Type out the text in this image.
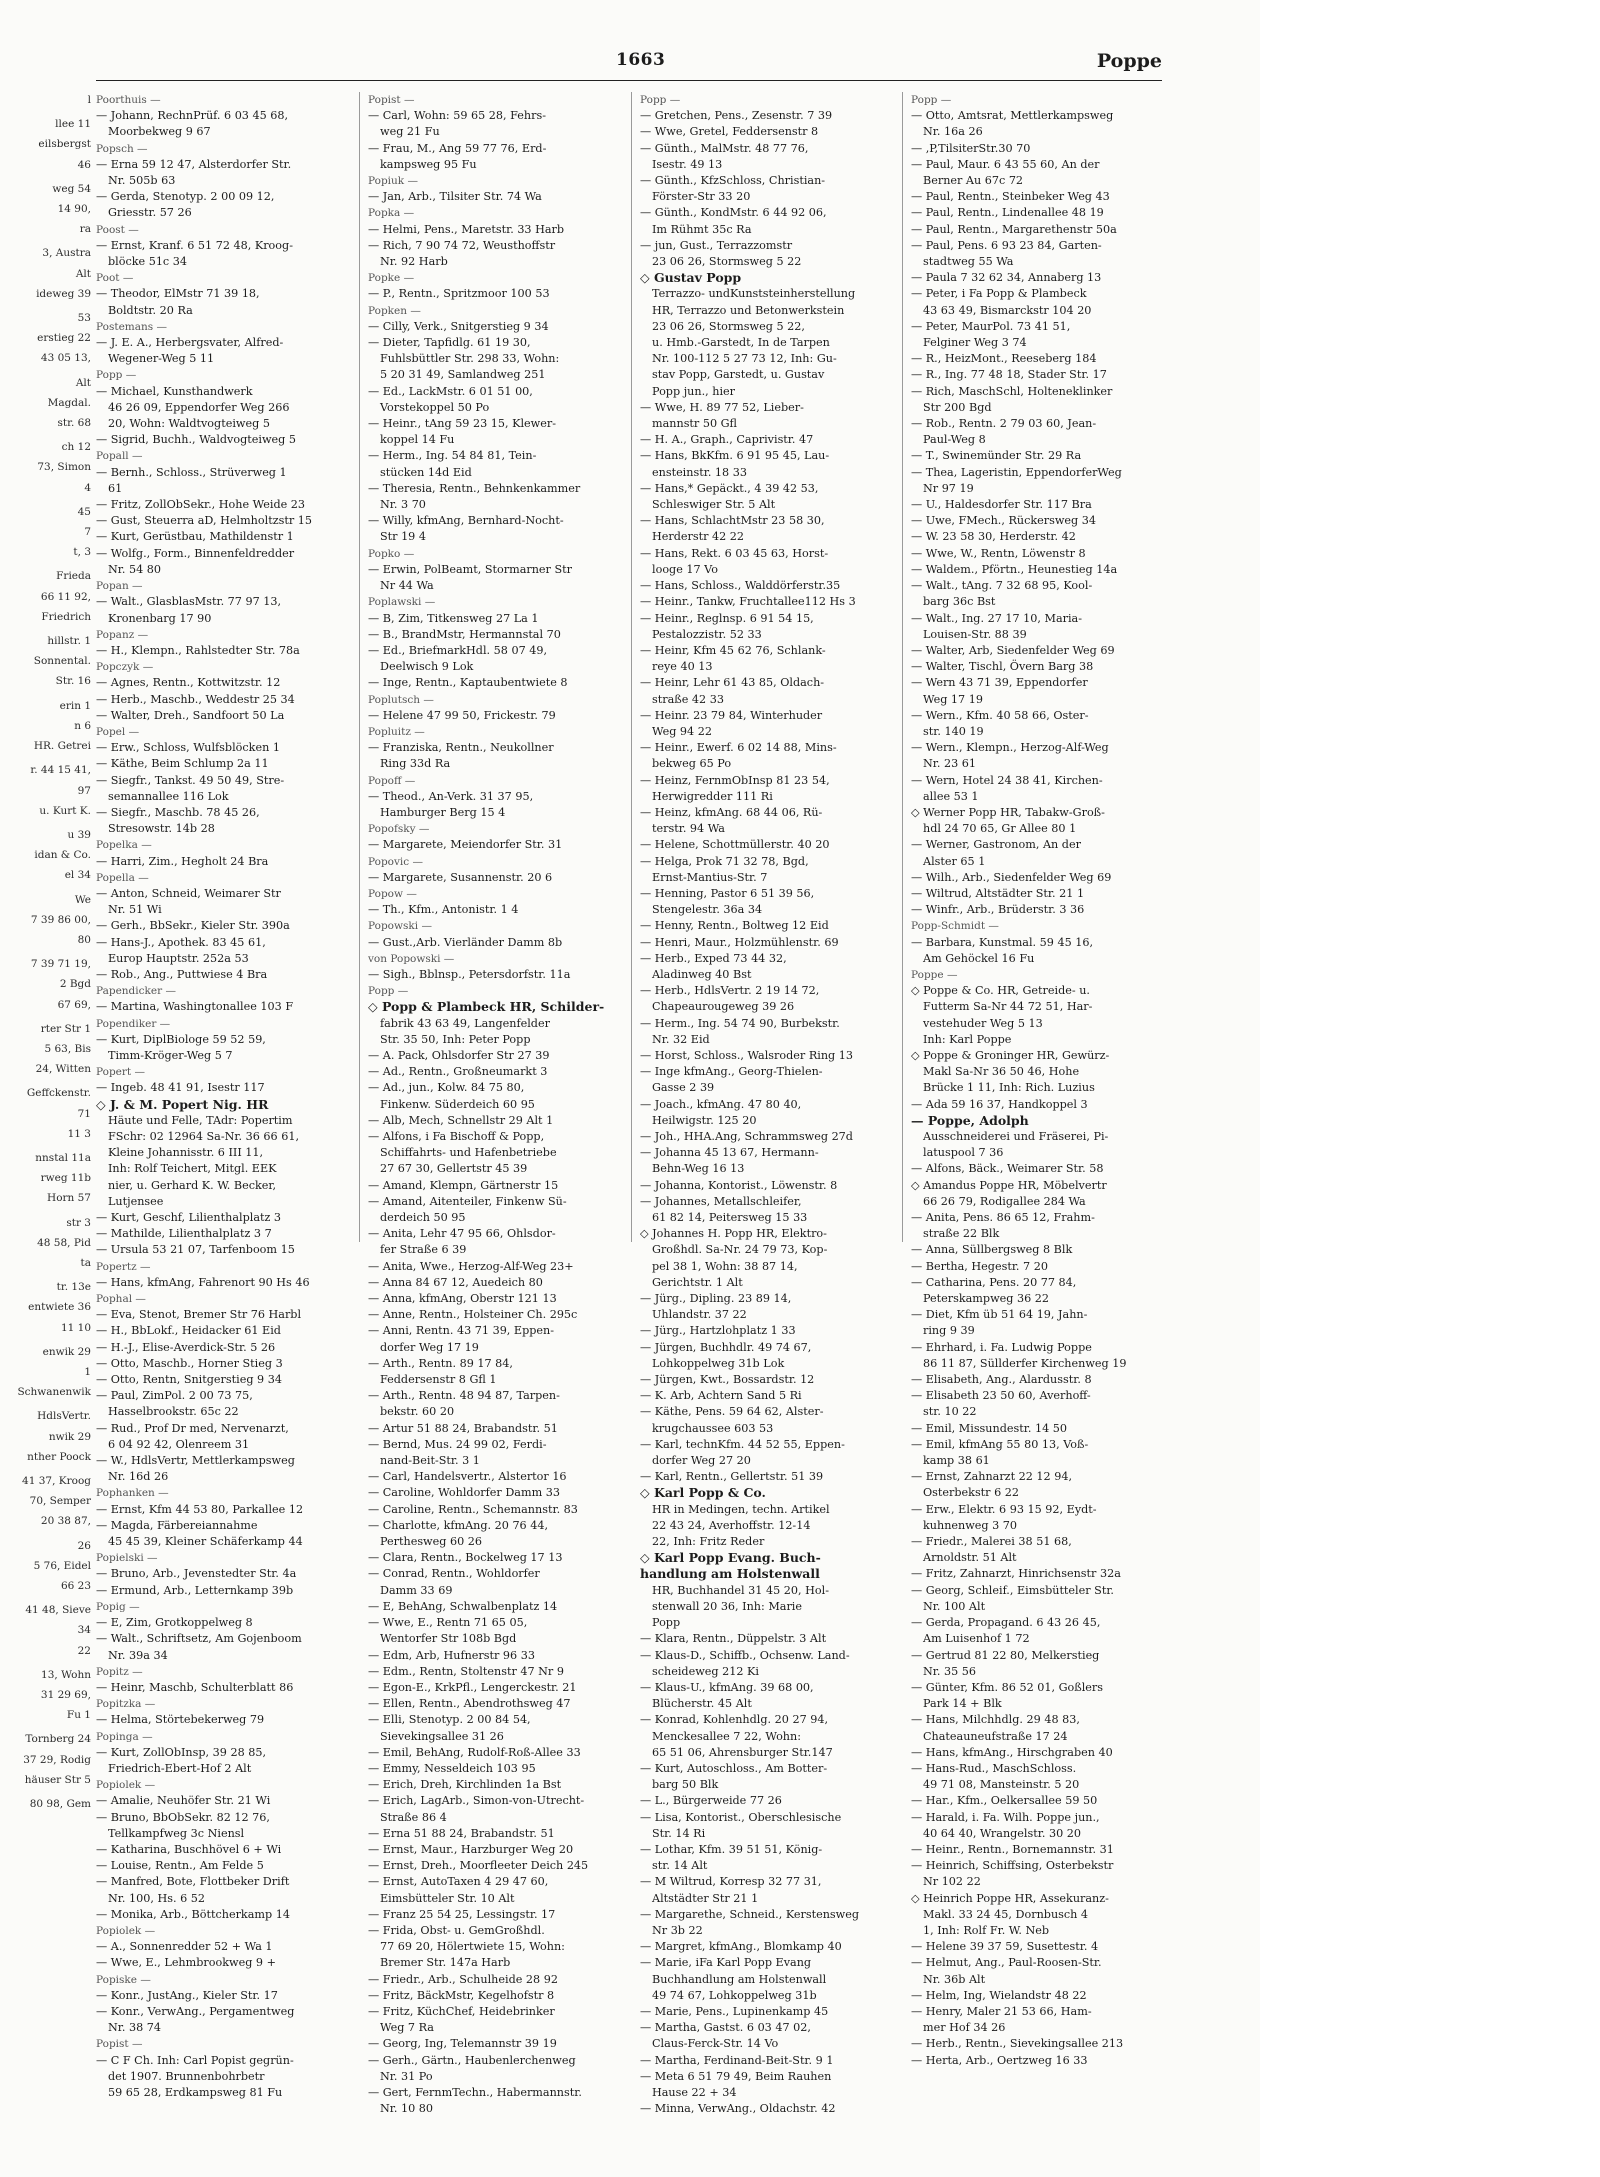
l
llee 11
eilsbergst
46
weg 54
14 90,
ra
3, Austra
Alt
ideweg 39
53
erstieg 22
43 05 13,
Alt
Magdal.
str. 68
ch 12
73, Simon
4
45
7
t, 3
Frieda
66 11 92,
Friedrich
hillstr. 1
Sonnental.
Str. 16
erin 1
n 6
HR. Getrei
r. 44 15 41,
97
u. Kurt K.
u 39
idan & Co.
el 34
We
7 39 86 00,
80
7 39 71 19,
2 Bgd
67 69,
rter Str 1
5 63, Bis
24, Witten
Geffckenstr.
71
11 3
nnstal 11a
rweg 11b
Horn 57
str 3
48 58, Pid
ta
tr. 13e
entwiete 36
11 10
enwik 29
1
Schwanenwik
HdlsVertr.
nwik 29
nther Poock
41 37, Kroog
70, Semper
20 38 87,
26
5 76, Eidel
66 23
41 48, Sieve
34
22
13, Wohn
31 29 69,
Fu 1
Tornberg 24
37 29, Rodig
häuser Str 5
80 98, Gem
1663	Poppe
Poorthuis —
— Johann, RechnPrüf. 6 03 45 68,
Moorbekweg 9 67
Popsch —
— Erna 59 12 47, Alsterdorfer Str.
Nr. 505b 63
— Gerda, Stenotyp. 2 00 09 12,
Griesstr. 57 26
Poost —
— Ernst, Kranf. 6 51 72 48, Kroog-
blöcke 51c 34
Poot —
— Theodor, ElMstr 71 39 18,
Boldtstr. 20 Ra
Postemans —
— J. E. A., Herbergsvater, Alfred-
Wegener-Weg 5 11
Popp —
— Michael, Kunsthandwerk
46 26 09, Eppendorfer Weg 266
20, Wohn: Waldtvogteiweg 5
— Sigrid, Buchh., Waldvogteiweg 5
Popall —
— Bernh., Schloss., Strüverweg 1
61
— Fritz, ZollObSekr., Hohe Weide 23
— Gust, Steuerra aD, Helmholtzstr 15
— Kurt, Gerüstbau, Mathildenstr 1
— Wolfg., Form., Binnenfeldredder
Nr. 54 80
Popan —
— Walt., GlasblasMstr. 77 97 13,
Kronenbarg 17 90
Popanz —
— H., Klempn., Rahlstedter Str. 78a
Popczyk —
— Agnes, Rentn., Kottwitzstr. 12
— Herb., Maschb., Weddestr 25 34
— Walter, Dreh., Sandfoort 50 La
Popel —
— Erw., Schloss, Wulfsblöcken 1
— Käthe, Beim Schlump 2a 11
— Siegfr., Tankst. 49 50 49, Stre-
semannallee 116 Lok
— Siegfr., Maschb. 78 45 26,
Stresowstr. 14b 28
Popelka —
— Harri, Zim., Hegholt 24 Bra
Popella —
— Anton, Schneid, Weimarer Str
Nr. 51 Wi
— Gerh., BbSekr., Kieler Str. 390a
— Hans-J., Apothek. 83 45 61,
Europ Hauptstr. 252a 53
— Rob., Ang., Puttwiese 4 Bra
Papendicker —
— Martina, Washingtonallee 103 F
Popendiker —
— Kurt, DiplBiologe 59 52 59,
Timm-Kröger-Weg 5 7
Popert —
— Ingeb. 48 41 91, Isestr 117
◇ J. & M. Popert Nig. HR
Häute und Felle, TAdr: Popertim
FSchr: 02 12964 Sa-Nr. 36 66 61,
Kleine Johannisstr. 6 III 11,
Inh: Rolf Teichert, Mitgl. EEK
nier, u. Gerhard K. W. Becker,
Lutjensee
— Kurt, Geschf, Lilienthalplatz 3
— Mathilde, Lilienthalplatz 3 7
— Ursula 53 21 07, Tarfenboom 15
Popertz —
— Hans, kfmAng, Fahrenort 90 Hs 46
Pophal —
— Eva, Stenot, Bremer Str 76 Harbl
— H., BbLokf., Heidacker 61 Eid
— H.-J., Elise-Averdick-Str. 5 26
— Otto, Maschb., Horner Stieg 3
— Otto, Rentn, Snitgerstieg 9 34
— Paul, ZimPol. 2 00 73 75,
Hasselbrookstr. 65c 22
— Rud., Prof Dr med, Nervenarzt,
6 04 92 42, Olenreem 31
— W., HdlsVertr, Mettlerkampsweg
Nr. 16d 26
Pophanken —
— Ernst, Kfm 44 53 80, Parkallee 12
— Magda, Färbereiannahme
45 45 39, Kleiner Schäferkamp 44
Popielski —
— Bruno, Arb., Jevenstedter Str. 4a
— Ermund, Arb., Letternkamp 39b
Popig —
— E, Zim, Grotkoppelweg 8
— Walt., Schriftsetz, Am Gojenboom
Nr. 39a 34
Popitz —
— Heinr, Maschb, Schulterblatt 86
Popitzka —
— Helma, Störtebekerweg 79
Popinga —
— Kurt, ZollObInsp, 39 28 85,
Friedrich-Ebert-Hof 2 Alt
Popiolek —
— Amalie, Neuhöfer Str. 21 Wi
— Bruno, BbObSekr. 82 12 76,
Tellkampfweg 3c Niensl
— Katharina, Buschhövel 6 + Wi
— Louise, Rentn., Am Felde 5
— Manfred, Bote, Flottbeker Drift
Nr. 100, Hs. 6 52
— Monika, Arb., Böttcherkamp 14
Popiolek —
— A., Sonnenredder 52 + Wa 1
— Wwe, E., Lehmbrookweg 9 +
Popiske —
— Konr., JustAng., Kieler Str. 17
— Konr., VerwAng., Pergamentweg
Nr. 38 74
Popist —
— C F Ch. Inh: Carl Popist gegrün-
det 1907. Brunnenbohrbetr
59 65 28, Erdkampsweg 81 Fu
Popist —
— Carl, Wohn: 59 65 28, Fehrs-
weg 21 Fu
— Frau, M., Ang 59 77 76, Erd-
kampsweg 95 Fu
Popiuk —
— Jan, Arb., Tilsiter Str. 74 Wa
Popka —
— Helmi, Pens., Maretstr. 33 Harb
— Rich, 7 90 74 72, Weusthoffstr
Nr. 92 Harb
Popke —
— P., Rentn., Spritzmoor 100 53
Popken —
— Cilly, Verk., Snitgerstieg 9 34
— Dieter, Tapfidlg. 61 19 30,
Fuhlsbüttler Str. 298 33, Wohn:
5 20 31 49, Samlandweg 251
— Ed., LackMstr. 6 01 51 00,
Vorstekoppel 50 Po
— Heinr., tAng 59 23 15, Klewer-
koppel 14 Fu
— Herm., Ing. 54 84 81, Tein-
stücken 14d Eid
— Theresia, Rentn., Behnkenkammer
Nr. 3 70
— Willy, kfmAng, Bernhard-Nocht-
Str 19 4
Popko —
— Erwin, PolBeamt, Stormarner Str
Nr 44 Wa
Poplawski —
— B, Zim, Titkensweg 27 La 1
— B., BrandMstr, Hermannstal 70
— Ed., BriefmarkHdl. 58 07 49,
Deelwisch 9 Lok
— Inge, Rentn., Kaptaubentwiete 8
Poplutsch —
— Helene 47 99 50, Frickestr. 79
Popluitz —
— Franziska, Rentn., Neukollner
Ring 33d Ra
Popoff —
— Theod., An-Verk. 31 37 95,
Hamburger Berg 15 4
Popofsky —
— Margarete, Meiendorfer Str. 31
Popovic —
— Margarete, Susannenstr. 20 6
Popow —
— Th., Kfm., Antonistr. 1 4
Popowski —
— Gust.,Arb. Vierländer Damm 8b
von Popowski —
— Sigh., Bblnsp., Petersdorfstr. 11a
Popp —
◇ Popp & Plambeck HR, Schilder-
fabrik 43 63 49, Langenfelder
Str. 35 50, Inh: Peter Popp
— A. Pack, Ohlsdorfer Str 27 39
— Ad., Rentn., Großneumarkt 3
— Ad., jun., Kolw. 84 75 80,
Finkenw. Süderdeich 60 95
— Alb, Mech, Schnellstr 29 Alt 1
— Alfons, i Fa Bischoff & Popp,
Schiffahrts- und Hafenbetriebe
27 67 30, Gellertstr 45 39
— Amand, Klempn, Gärtnerstr 15
— Amand, Aitenteiler, Finkenw Sü-
derdeich 50 95
— Anita, Lehr 47 95 66, Ohlsdor-
fer Straße 6 39
— Anita, Wwe., Herzog-Alf-Weg 23+
— Anna 84 67 12, Auedeich 80
— Anna, kfmAng, Oberstr 121 13
— Anne, Rentn., Holsteiner Ch. 295c
— Anni, Rentn. 43 71 39, Eppen-
dorfer Weg 17 19
— Arth., Rentn. 89 17 84,
Feddersenstr 8 Gfl 1
— Arth., Rentn. 48 94 87, Tarpen-
bekstr. 60 20
— Artur 51 88 24, Brabandstr. 51
— Bernd, Mus. 24 99 02, Ferdi-
nand-Beit-Str. 3 1
— Carl, Handelsvertr., Alstertor 16
— Caroline, Wohldorfer Damm 33
— Caroline, Rentn., Schemannstr. 83
— Charlotte, kfmAng. 20 76 44,
Perthesweg 60 26
— Clara, Rentn., Bockelweg 17 13
— Conrad, Rentn., Wohldorfer
Damm 33 69
— E, BehAng, Schwalbenplatz 14
— Wwe, E., Rentn 71 65 05,
Wentorfer Str 108b Bgd
— Edm, Arb, Hufnerstr 96 33
— Edm., Rentn, Stoltenstr 47 Nr 9
— Egon-E., KrkPfl., Lengerckestr. 21
— Ellen, Rentn., Abendrothsweg 47
— Elli, Stenotyp. 2 00 84 54,
Sievekingsallee 31 26
— Emil, BehAng, Rudolf-Roß-Allee 33
— Emmy, Nesseldeich 103 95
— Erich, Dreh, Kirchlinden 1a Bst
— Erich, LagArb., Simon-von-Utrecht-
Straße 86 4
— Erna 51 88 24, Brabandstr. 51
— Ernst, Maur., Harzburger Weg 20
— Ernst, Dreh., Moorfleeter Deich 245
— Ernst, AutoTaxen 4 29 47 60,
Eimsbütteler Str. 10 Alt
— Franz 25 54 25, Lessingstr. 17
— Frida, Obst- u. GemGroßhdl.
77 69 20, Hölertwiete 15, Wohn:
Bremer Str. 147a Harb
— Friedr., Arb., Schulheide 28 92
— Fritz, BäckMstr, Kegelhofstr 8
— Fritz, KüchChef, Heidebrinker
Weg 7 Ra
— Georg, Ing, Telemannstr 39 19
— Gerh., Gärtn., Haubenlerchenweg
Nr. 31 Po
— Gert, FernmTechn., Habermannstr.
Nr. 10 80
Popp —
— Gretchen, Pens., Zesenstr. 7 39
— Wwe, Gretel, Feddersenstr 8
— Günth., MalMstr. 48 77 76,
Isestr. 49 13
— Günth., KfzSchloss, Christian-
Förster-Str 33 20
— Günth., KondMstr. 6 44 92 06,
Im Rühmt 35c Ra
— jun, Gust., Terrazzomstr
23 06 26, Stormsweg 5 22
◇ Gustav Popp
Terrazzo- undKunststeinherstellung
HR, Terrazzo und Betonwerkstein
23 06 26, Stormsweg 5 22,
u. Hmb.-Garstedt, In de Tarpen
Nr. 100-112 5 27 73 12, Inh: Gu-
stav Popp, Garstedt, u. Gustav
Popp jun., hier
— Wwe, H. 89 77 52, Lieber-
mannstr 50 Gfl
— H. A., Graph., Caprivistr. 47
— Hans, BkKfm. 6 91 95 45, Lau-
ensteinstr. 18 33
— Hans,* Gepäckt., 4 39 42 53,
Schleswiger Str. 5 Alt
— Hans, SchlachtMstr 23 58 30,
Herderstr 42 22
— Hans, Rekt. 6 03 45 63, Horst-
looge 17 Vo
— Hans, Schloss., Walddörferstr.35
— Heinr., Tankw, Fruchtallee112 Hs 3
— Heinr., Reglnsp. 6 91 54 15,
Pestalozzistr. 52 33
— Heinr, Kfm 45 62 76, Schlank-
reye 40 13
— Heinr, Lehr 61 43 85, Oldach-
straße 42 33
— Heinr. 23 79 84, Winterhuder
Weg 94 22
— Heinr., Ewerf. 6 02 14 88, Mins-
bekweg 65 Po
— Heinz, FernmObInsp 81 23 54,
Herwigredder 111 Ri
— Heinz, kfmAng. 68 44 06, Rü-
terstr. 94 Wa
— Helene, Schottmüllerstr. 40 20
— Helga, Prok 71 32 78, Bgd,
Ernst-Mantius-Str. 7
— Henning, Pastor 6 51 39 56,
Stengelestr. 36a 34
— Henny, Rentn., Boltweg 12 Eid
— Henri, Maur., Holzmühlenstr. 69
— Herb., Exped 73 44 32,
Aladinweg 40 Bst
— Herb., HdlsVertr. 2 19 14 72,
Chapeaurougeweg 39 26
— Herm., Ing. 54 74 90, Burbekstr.
Nr. 32 Eid
— Horst, Schloss., Walsroder Ring 13
— Inge kfmAng., Georg-Thielen-
Gasse 2 39
— Joach., kfmAng. 47 80 40,
Heilwigstr. 125 20
— Joh., HHA.Ang, Schrammsweg 27d
— Johanna 45 13 67, Hermann-
Behn-Weg 16 13
— Johanna, Kontorist., Löwenstr. 8
— Johannes, Metallschleifer,
61 82 14, Peitersweg 15 33
◇ Johannes H. Popp HR, Elektro-
Großhdl. Sa-Nr. 24 79 73, Kop-
pel 38 1, Wohn: 38 87 14,
Gerichtstr. 1 Alt
— Jürg., Dipling. 23 89 14,
Uhlandstr. 37 22
— Jürg., Hartzlohplatz 1 33
— Jürgen, Buchhdlr. 49 74 67,
Lohkoppelweg 31b Lok
— Jürgen, Kwt., Bossardstr. 12
— K. Arb, Achtern Sand 5 Ri
— Käthe, Pens. 59 64 62, Alster-
krugchaussee 603 53
— Karl, technKfm. 44 52 55, Eppen-
dorfer Weg 27 20
— Karl, Rentn., Gellertstr. 51 39
◇ Karl Popp & Co.
HR in Medingen, techn. Artikel
22 43 24, Averhoffstr. 12-14
22, Inh: Fritz Reder
◇ Karl Popp Evang. Buch-
handlung am Holstenwall
HR, Buchhandel 31 45 20, Hol-
stenwall 20 36, Inh: Marie
Popp
— Klara, Rentn., Düppelstr. 3 Alt
— Klaus-D., Schiffb., Ochsenw. Land-
scheideweg 212 Ki
— Klaus-U., kfmAng. 39 68 00,
Blücherstr. 45 Alt
— Konrad, Kohlenhdlg. 20 27 94,
Menckesallee 7 22, Wohn:
65 51 06, Ahrensburger Str.147
— Kurt, Autoschloss., Am Botter-
barg 50 Blk
— L., Bürgerweide 77 26
— Lisa, Kontorist., Oberschlesische
Str. 14 Ri
— Lothar, Kfm. 39 51 51, König-
str. 14 Alt
— M Wiltrud, Korresp 32 77 31,
Altstädter Str 21 1
— Margarethe, Schneid., Kerstensweg
Nr 3b 22
— Margret, kfmAng., Blomkamp 40
— Marie, iFa Karl Popp Evang
Buchhandlung am Holstenwall
49 74 67, Lohkoppelweg 31b
— Marie, Pens., Lupinenkamp 45
— Martha, Gastst. 6 03 47 02,
Claus-Ferck-Str. 14 Vo
— Martha, Ferdinand-Beit-Str. 9 1
— Meta 6 51 79 49, Beim Rauhen
Hause 22 + 34
— Minna, VerwAng., Oldachstr. 42
Popp —
— Otto, Amtsrat, Mettlerkampsweg
Nr. 16a 26
— ,P,TilsiterStr.30 70
— Paul, Maur. 6 43 55 60, An der
Berner Au 67c 72
— Paul, Rentn., Steinbeker Weg 43
— Paul, Rentn., Lindenallee 48 19
— Paul, Rentn., Margarethenstr 50a
— Paul, Pens. 6 93 23 84, Garten-
stadtweg 55 Wa
— Paula 7 32 62 34, Annaberg 13
— Peter, i Fa Popp & Plambeck
43 63 49, Bismarckstr 104 20
— Peter, MaurPol. 73 41 51,
Felginer Weg 3 74
— R., HeizMont., Reeseberg 184
— R., Ing. 77 48 18, Stader Str. 17
— Rich, MaschSchl, Holteneklinker
Str 200 Bgd
— Rob., Rentn. 2 79 03 60, Jean-
Paul-Weg 8
— T., Swinemünder Str. 29 Ra
— Thea, Lageristin, EppendorferWeg
Nr 97 19
— U., Haldesdorfer Str. 117 Bra
— Uwe, FMech., Rückersweg 34
— W. 23 58 30, Herderstr. 42
— Wwe, W., Rentn, Löwenstr 8
— Waldem., Pförtn., Heunestieg 14a
— Walt., tAng. 7 32 68 95, Kool-
barg 36c Bst
— Walt., Ing. 27 17 10, Maria-
Louisen-Str. 88 39
— Walter, Arb, Siedenfelder Weg 69
— Walter, Tischl, Övern Barg 38
— Wern 43 71 39, Eppendorfer
Weg 17 19
— Wern., Kfm. 40 58 66, Oster-
str. 140 19
— Wern., Klempn., Herzog-Alf-Weg
Nr. 23 61
— Wern, Hotel 24 38 41, Kirchen-
allee 53 1
◇ Werner Popp HR, Tabakw-Groß-
hdl 24 70 65, Gr Allee 80 1
— Werner, Gastronom, An der
Alster 65 1
— Wilh., Arb., Siedenfelder Weg 69
— Wiltrud, Altstädter Str. 21 1
— Winfr., Arb., Brüderstr. 3 36
Popp-Schmidt —
— Barbara, Kunstmal. 59 45 16,
Am Gehöckel 16 Fu
Poppe —
◇ Poppe & Co. HR, Getreide- u.
Futterm Sa-Nr 44 72 51, Har-
vestehuder Weg 5 13
Inh: Karl Poppe
◇ Poppe & Groninger HR, Gewürz-
Makl Sa-Nr 36 50 46, Hohe
Brücke 1 11, Inh: Rich. Luzius
— Ada 59 16 37, Handkoppel 3
— Poppe, Adolph
Ausschneiderei und Fräserei, Pi-
latuspool 7 36
— Alfons, Bäck., Weimarer Str. 58
◇ Amandus Poppe HR, Möbelvertr
66 26 79, Rodigallee 284 Wa
— Anita, Pens. 86 65 12, Frahm-
straße 22 Blk
— Anna, Süllbergsweg 8 Blk
— Bertha, Hegestr. 7 20
— Catharina, Pens. 20 77 84,
Peterskampweg 36 22
— Diet, Kfm üb 51 64 19, Jahn-
ring 9 39
— Ehrhard, i. Fa. Ludwig Poppe
86 11 87, Süllderfer Kirchenweg 19
— Elisabeth, Ang., Alardusstr. 8
— Elisabeth 23 50 60, Averhoff-
str. 10 22
— Emil, Missundestr. 14 50
— Emil, kfmAng 55 80 13, Voß-
kamp 38 61
— Ernst, Zahnarzt 22 12 94,
Osterbekstr 6 22
— Erw., Elektr. 6 93 15 92, Eydt-
kuhnenweg 3 70
— Friedr., Malerei 38 51 68,
Arnoldstr. 51 Alt
— Fritz, Zahnarzt, Hinrichsenstr 32a
— Georg, Schleif., Eimsbütteler Str.
Nr. 100 Alt
— Gerda, Propagand. 6 43 26 45,
Am Luisenhof 1 72
— Gertrud 81 22 80, Melkerstieg
Nr. 35 56
— Günter, Kfm. 86 52 01, Goßlers
Park 14 + Blk
— Hans, Milchhdlg. 29 48 83,
Chateauneufstraße 17 24
— Hans, kfmAng., Hirschgraben 40
— Hans-Rud., MaschSchloss.
49 71 08, Mansteinstr. 5 20
— Har., Kfm., Oelkersallee 59 50
— Harald, i. Fa. Wilh. Poppe jun.,
40 64 40, Wrangelstr. 30 20
— Heinr., Rentn., Bornemannstr. 31
— Heinrich, Schiffsing, Osterbekstr
Nr 102 22
◇ Heinrich Poppe HR, Assekuranz-
Makl. 33 24 45, Dornbusch 4
1, Inh: Rolf Fr. W. Neb
— Helene 39 37 59, Susettestr. 4
— Helmut, Ang., Paul-Roosen-Str.
Nr. 36b Alt
— Helm, Ing, Wielandstr 48 22
— Henry, Maler 21 53 66, Ham-
mer Hof 34 26
— Herb., Rentn., Sievekingsallee 213
— Herta, Arb., Oertzweg 16 33
